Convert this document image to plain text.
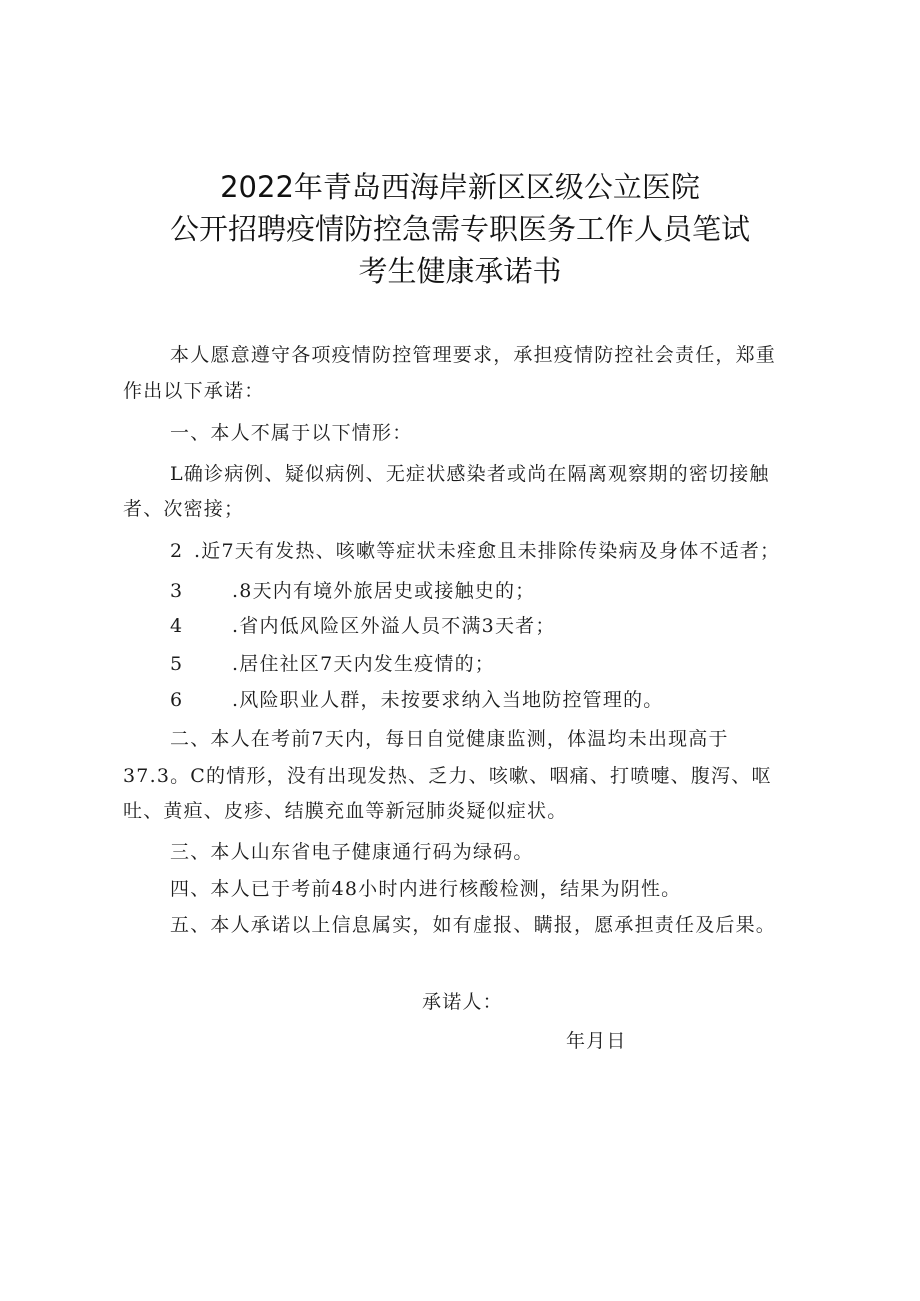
2022年青岛西海岸新区区级公立医院
公开招聘疫情防控急需专职医务工作人员笔试
考生健康承诺书
本人愿意遵守各项疫情防控管理要求，承担疫情防控社会责任，郑重
作出以下承诺：
一、本人不属于以下情形：
L确诊病例、疑似病例、无症状感染者或尚在隔离观察期的密切接触
者、次密接；
2 .近7天有发热、咳嗽等症状未痊愈且未排除传染病及身体不适者；
3	.8天内有境外旅居史或接触史的；
4	.省内低风险区外溢人员不满3天者；
5	.居住社区7天内发生疫情的；
6	.风险职业人群，未按要求纳入当地防控管理的。
二、本人在考前7天内，每日自觉健康监测，体温均未出现高于
37.3。C的情形，没有出现发热、乏力、咳嗽、咽痛、打喷嚏、腹泻、呕
吐、黄疸、皮疹、结膜充血等新冠肺炎疑似症状。
三、本人山东省电子健康通行码为绿码。
四、本人已于考前48小时内进行核酸检测，结果为阴性。
五、本人承诺以上信息属实，如有虚报、瞒报，愿承担责任及后果。
承诺人：
年月日
